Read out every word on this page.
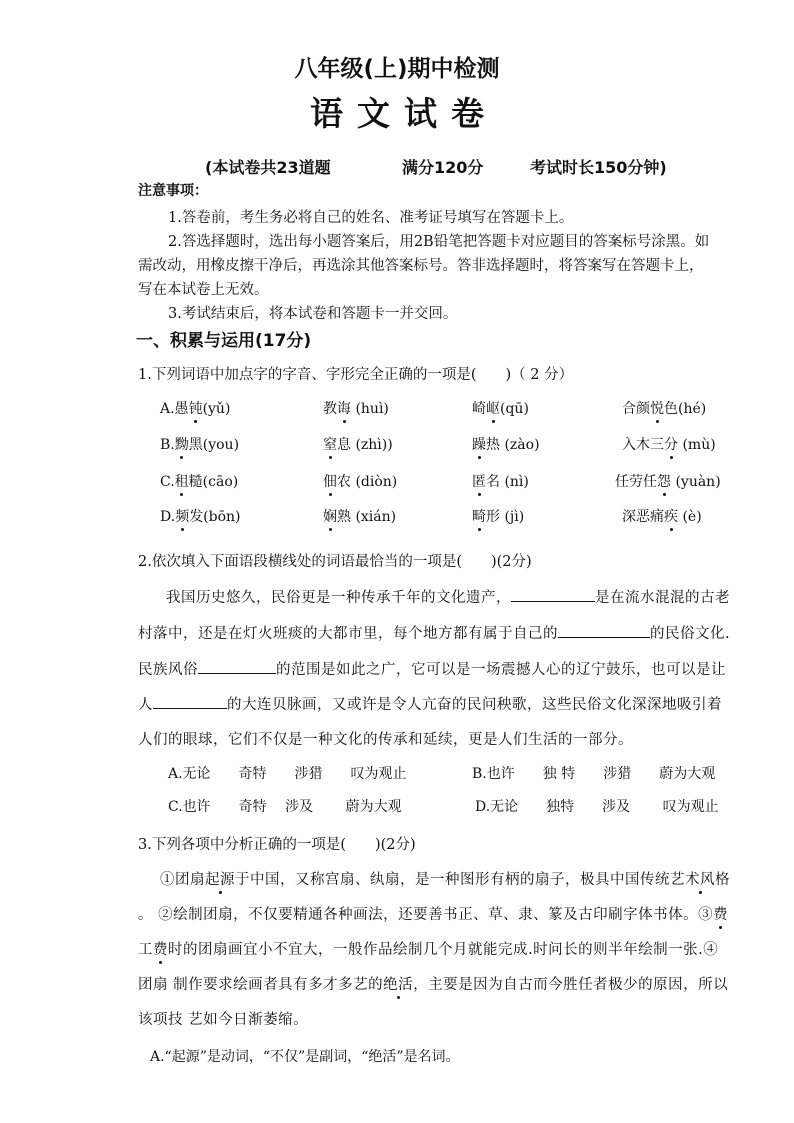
八年级(上)期中检测
语文试卷
(本试卷共23道题	满分120分	考试时长150分钟)
注意事项：
1.答卷前，考生务必将自己的姓名、准考证号填写在答题卡上。
2.答选择题时，选出每小题答案后，用2B铅笔把答题卡对应题目的答案标号涂黑。如
需改动，用橡皮擦干净后，再选涂其他答案标号。答非选择题时，将答案写在答题卡上，
写在本试卷上无效。
3.考试结束后，将本试卷和答题卡一并交回。
一、积累与运用(17分)
1.下列词语中加点字的字音、字形完全正确的一项是(　　)（ 2 分）
A.愚钝(yǔ)	教诲 (huì)	崎岖(qū)	合颜悦色(hé)
B.黝黑(you)	窒息 (zhì))	躁热 (zào)	入木三分 (mù)
C.租糙(cāo)	佃农 (diòn)	匿名 (nì)	任劳任怨 (yuàn)
D.频发(bōn)	娴熟 (xián)	畸形 (jì)	深恶痛疾 (è)
2.依次填入下面语段横线处的词语最恰当的一项是(　　)(2分)
我国历史悠久，民俗更是一种传承千年的文化遗产，	是在流水混混的古老
村落中，还是在灯火班痰的大都市里，每个地方都有属于自己的	的民俗文化.
民族风俗	的范围是如此之广，它可以是一场震撼人心的辽宁鼓乐，也可以是让
人	的大连贝脉画，又或许是令人亢奋的民问秧歌，这些民俗文化深深地吸引着
人们的眼球，它们不仅是一种文化的传承和延续，更是人们生活的一部分。
A.无论　　奇特　　涉猎　　叹为观止	B.也许　　独 特　　涉猎　　蔚为大观
C.也许　　奇特　 涉及　　 蔚为大观	D.无论　　独特　　涉及　　 叹为观止
3.下列各项中分析正确的一项是(　　)(2分)
①团扇起源于中国，又称宫扇、纨扇，是一种图形有柄的扇子，极具中国传统艺术风格
。 ②绘制团扇，不仅要精通各种画法，还要善书正、草、隶、篆及古印刷字体书体。③费
工费时的团扇画宜小不宜大，一般作品绘制几个月就能完成.时问长的则半年绘制一张.④
团扇 制作要求绘画者具有多才多艺的绝活，主要是因为自古而今胜任者极少的原因，所以
该项技 艺如今日渐萎缩。
A.“起源”是动词，“不仅”是副词，“绝活”是名词。
